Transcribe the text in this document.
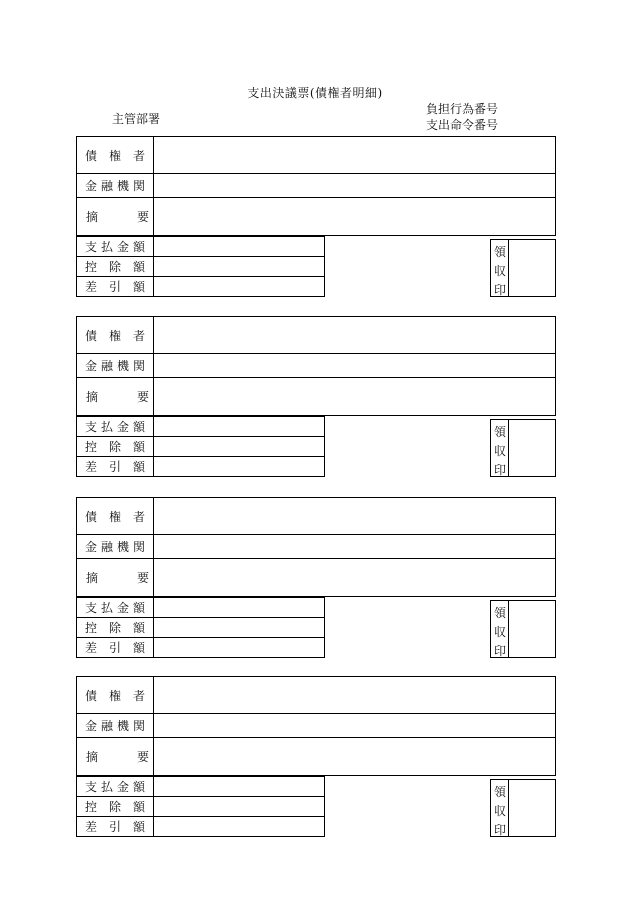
支出決議票(債権者明細)
主管部署
負担行為番号
支出命令番号
債 権 者
金 融 機 関
摘	要
支 払 金 額
控 除 額
差 引 額
領
収
印
債 権 者
金 融 機 関
摘	要
支 払 金 額
控 除 額
差 引 額
領
収
印
債 権 者
金 融 機 関
摘	要
支 払 金 額
控 除 額
差 引 額
領
収
印
債 権 者
金 融 機 関
摘	要
支 払 金 額
控 除 額
差 引 額
領
収
印
